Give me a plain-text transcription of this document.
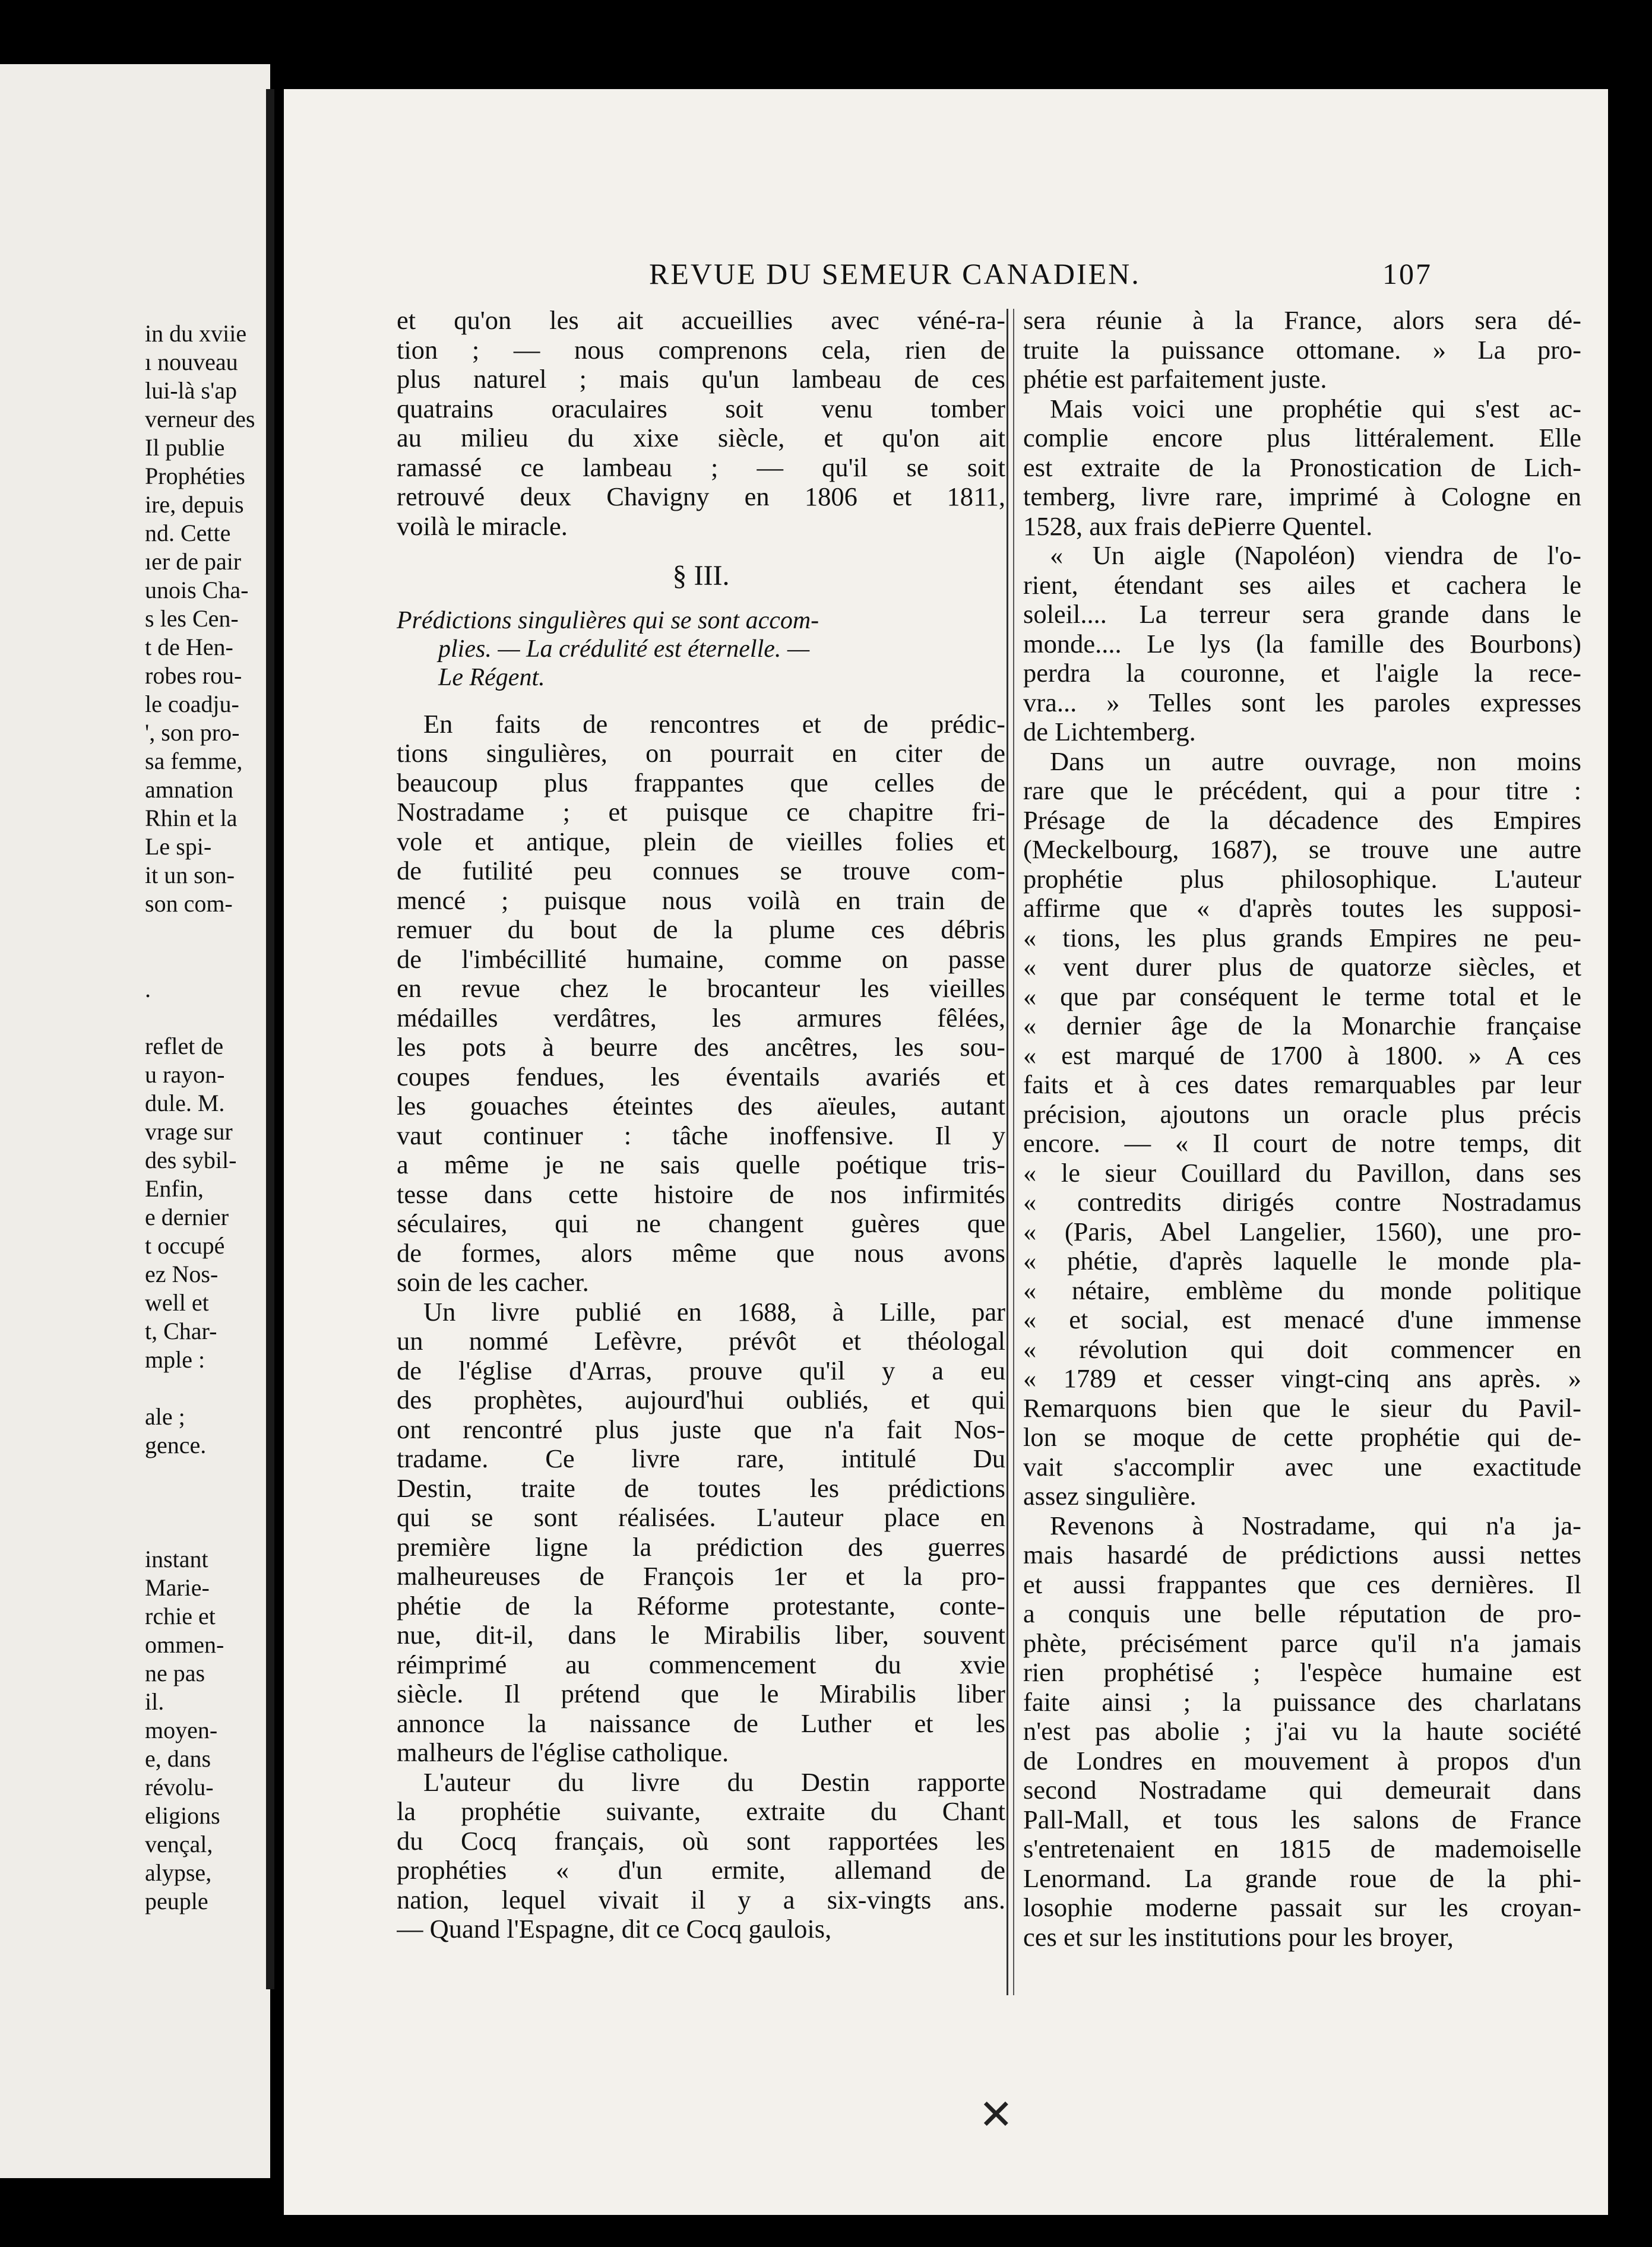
in du xviie
ı nouveau
lui-là s'ap
verneur des
Il publie
Prophéties
ire, depuis
nd. Cette
ıer de pair
unois Cha-
s les Cen-
t de Hen-
robes rou-
le coadju-
', son pro-
sa femme,
amnation
Rhin et la
Le spi-
it un son-
son com-
.
reflet de
u rayon-
dule. M.
vrage sur
des sybil-
Enfin,
e dernier
t occupé
ez Nos-
well et
t, Char-
mple :
ale ;
gence.
instant
Marie-
rchie et
ommen-
ne pas
il.
moyen-
e, dans
révolu-
eligions
vençal,
alypse,
peuple
REVUE DU SEMEUR CANADIEN.	107
et qu'on les ait accueillies avec véné-ra-
tion ; — nous comprenons cela, rien de
plus naturel ; mais qu'un lambeau de ces
quatrains oraculaires soit venu tomber
au milieu du xixe siècle, et qu'on ait
ramassé ce lambeau ; — qu'il se soit
retrouvé deux Chavigny en 1806 et 1811,
voilà le miracle.
§ III.
Prédictions singulières qui se sont accom-
plies. — La crédulité est éternelle. —
Le Régent.
En faits de rencontres et de prédic-
tions singulières, on pourrait en citer de
beaucoup plus frappantes que celles de
Nostradame ; et puisque ce chapitre fri-
vole et antique, plein de vieilles folies et
de futilité peu connues se trouve com-
mencé ; puisque nous voilà en train de
remuer du bout de la plume ces débris
de l'imbécillité humaine, comme on passe
en revue chez le brocanteur les vieilles
médailles verdâtres, les armures fêlées,
les pots à beurre des ancêtres, les sou-
coupes fendues, les éventails avariés et
les gouaches éteintes des aïeules, autant
vaut continuer : tâche inoffensive. Il y
a même je ne sais quelle poétique tris-
tesse dans cette histoire de nos infirmités
séculaires, qui ne changent guères que
de formes, alors même que nous avons
soin de les cacher.
Un livre publié en 1688, à Lille, par
un nommé Lefèvre, prévôt et théologal
de l'église d'Arras, prouve qu'il y a eu
des prophètes, aujourd'hui oubliés, et qui
ont rencontré plus juste que n'a fait Nos-
tradame. Ce livre rare, intitulé Du
Destin, traite de toutes les prédictions
qui se sont réalisées. L'auteur place en
première ligne la prédiction des guerres
malheureuses de François 1er et la pro-
phétie de la Réforme protestante, conte-
nue, dit-il, dans le Mirabilis liber, souvent
réimprimé au commencement du xvie
siècle. Il prétend que le Mirabilis liber
annonce la naissance de Luther et les
malheurs de l'église catholique.
L'auteur du livre du Destin rapporte
la prophétie suivante, extraite du Chant
du Cocq français, où sont rapportées les
prophéties « d'un ermite, allemand de
nation, lequel vivait il y a six-vingts ans.
— Quand l'Espagne, dit ce Cocq gaulois,
sera réunie à la France, alors sera dé-
truite la puissance ottomane. » La pro-
phétie est parfaitement juste.
Mais voici une prophétie qui s'est ac-
complie encore plus littéralement. Elle
est extraite de la Pronostication de Lich-
temberg, livre rare, imprimé à Cologne en
1528, aux frais dePierre Quentel.
« Un aigle (Napoléon) viendra de l'o-
rient, étendant ses ailes et cachera le
soleil.... La terreur sera grande dans le
monde.... Le lys (la famille des Bourbons)
perdra la couronne, et l'aigle la rece-
vra... » Telles sont les paroles expresses
de Lichtemberg.
Dans un autre ouvrage, non moins
rare que le précédent, qui a pour titre :
Présage de la décadence des Empires
(Meckelbourg, 1687), se trouve une autre
prophétie plus philosophique. L'auteur
affirme que « d'après toutes les supposi-
« tions, les plus grands Empires ne peu-
« vent durer plus de quatorze siècles, et
« que par conséquent le terme total et le
« dernier âge de la Monarchie française
« est marqué de 1700 à 1800. » A ces
faits et à ces dates remarquables par leur
précision, ajoutons un oracle plus précis
encore. — « Il court de notre temps, dit
« le sieur Couillard du Pavillon, dans ses
« contredits dirigés contre Nostradamus
« (Paris, Abel Langelier, 1560), une pro-
« phétie, d'après laquelle le monde pla-
« nétaire, emblème du monde politique
« et social, est menacé d'une immense
« révolution qui doit commencer en
« 1789 et cesser vingt-cinq ans après. »
Remarquons bien que le sieur du Pavil-
lon se moque de cette prophétie qui de-
vait s'accomplir avec une exactitude
assez singulière.
Revenons à Nostradame, qui n'a ja-
mais hasardé de prédictions aussi nettes
et aussi frappantes que ces dernières. Il
a conquis une belle réputation de pro-
phète, précisément parce qu'il n'a jamais
rien prophétisé ; l'espèce humaine est
faite ainsi ; la puissance des charlatans
n'est pas abolie ; j'ai vu la haute société
de Londres en mouvement à propos d'un
second Nostradame qui demeurait dans
Pall-Mall, et tous les salons de France
s'entretenaient en 1815 de mademoiselle
Lenormand. La grande roue de la phi-
losophie moderne passait sur les croyan-
ces et sur les institutions pour les broyer,
✕
